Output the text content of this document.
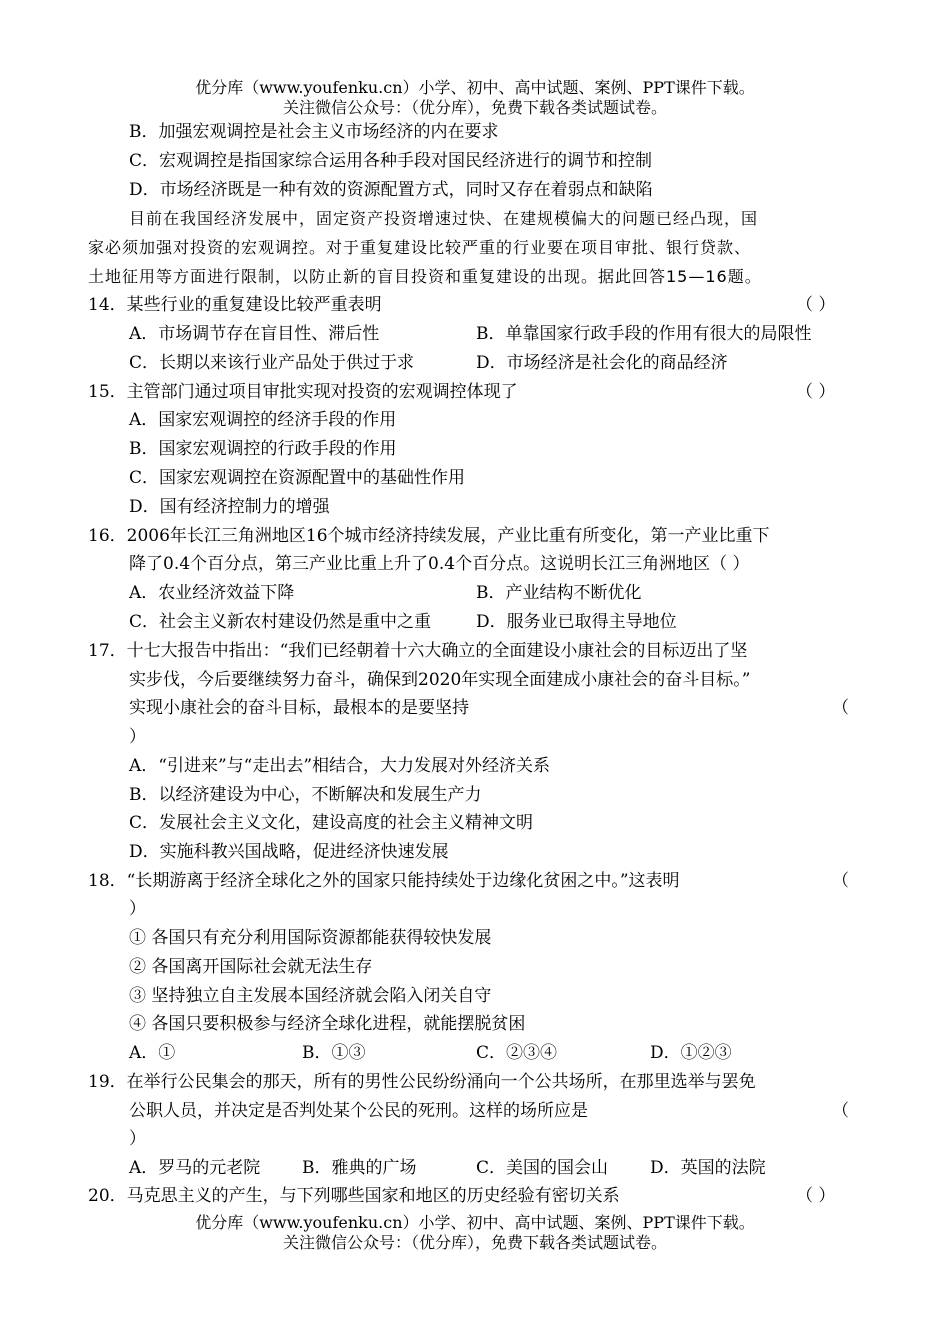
优分库（www.youfenku.cn）小学、初中、高中试题、案例、PPT课件下载。
关注微信公众号：（优分库），免费下载各类试题试卷。
B．加强宏观调控是社会主义市场经济的内在要求
C．宏观调控是指国家综合运用各种手段对国民经济进行的调节和控制
D．市场经济既是一种有效的资源配置方式，同时又存在着弱点和缺陷
目前在我国经济发展中，固定资产投资增速过快、在建规模偏大的问题已经凸现，国
家必须加强对投资的宏观调控。对于重复建设比较严重的行业要在项目审批、银行贷款、
土地征用等方面进行限制，以防止新的盲目投资和重复建设的出现。据此回答15—16题。
14．某些行业的重复建设比较严重表明	（ ）
A．市场调节存在盲目性、滞后性	B．单靠国家行政手段的作用有很大的局限性
C．长期以来该行业产品处于供过于求	D．市场经济是社会化的商品经济
15．主管部门通过项目审批实现对投资的宏观调控体现了	（ ）
A．国家宏观调控的经济手段的作用
B．国家宏观调控的行政手段的作用
C．国家宏观调控在资源配置中的基础性作用
D．国有经济控制力的增强
16．2006年长江三角洲地区16个城市经济持续发展，产业比重有所变化，第一产业比重下
降了0.4个百分点，第三产业比重上升了0.4个百分点。这说明长江三角洲地区（ ）
A．农业经济效益下降	B．产业结构不断优化
C．社会主义新农村建设仍然是重中之重	D．服务业已取得主导地位
17．十七大报告中指出：“我们已经朝着十六大确立的全面建设小康社会的目标迈出了坚
实步伐，今后要继续努力奋斗，确保到2020年实现全面建成小康社会的奋斗目标。”
实现小康社会的奋斗目标，最根本的是要坚持	（
）
A．“引进来”与“走出去”相结合，大力发展对外经济关系
B．以经济建设为中心，不断解决和发展生产力
C．发展社会主义文化，建设高度的社会主义精神文明
D．实施科教兴国战略，促进经济快速发展
18．“长期游离于经济全球化之外的国家只能持续处于边缘化贫困之中。”这表明	（
）
① 各国只有充分利用国际资源都能获得较快发展
② 各国离开国际社会就无法生存
③ 坚持独立自主发展本国经济就会陷入闭关自守
④ 各国只要积极参与经济全球化进程，就能摆脱贫困
A．①	B．①③	C．②③④	D．①②③
19．在举行公民集会的那天，所有的男性公民纷纷涌向一个公共场所，在那里选举与罢免
公职人员，并决定是否判处某个公民的死刑。这样的场所应是	（
）
A．罗马的元老院 B．雅典的广场	C．美国的国会山 D．英国的法院
20．马克思主义的产生，与下列哪些国家和地区的历史经验有密切关系	（ ）
优分库（www.youfenku.cn）小学、初中、高中试题、案例、PPT课件下载。
关注微信公众号：（优分库），免费下载各类试题试卷。
